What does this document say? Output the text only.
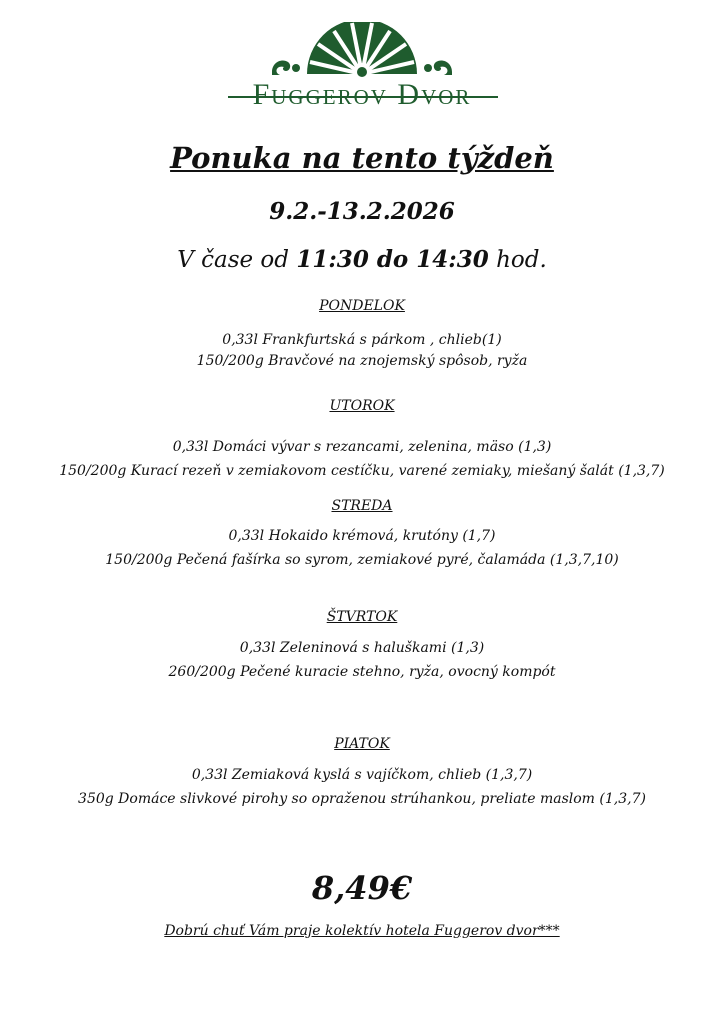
Fuggerov Dvor
Ponuka na tento týždeň
9.2.-13.2.2026
V čase od 11:30 do 14:30 hod.
PONDELOK
0,33l Frankfurtská s párkom , chlieb(1)
150/200g Bravčové na znojemský spôsob, ryža
UTOROK
0,33l Domáci vývar s rezancami, zelenina, mäso (1,3)
150/200g Kurací rezeň v zemiakovom cestíčku, varené zemiaky, miešaný šalát (1,3,7)
STREDA
0,33l Hokaido krémová, krutóny (1,7)
150/200g Pečená fašírka so syrom, zemiakové pyré, čalamáda (1,3,7,10)
ŠTVRTOK
0,33l Zeleninová s haluškami (1,3)
260/200g Pečené kuracie stehno, ryža, ovocný kompót
PIATOK
0,33l Zemiaková kyslá s vajíčkom, chlieb (1,3,7)
350g Domáce slivkové pirohy so opraženou strúhankou, preliate maslom (1,3,7)
8,49€
Dobrú chuť Vám praje kolektív hotela Fuggerov dvor***
